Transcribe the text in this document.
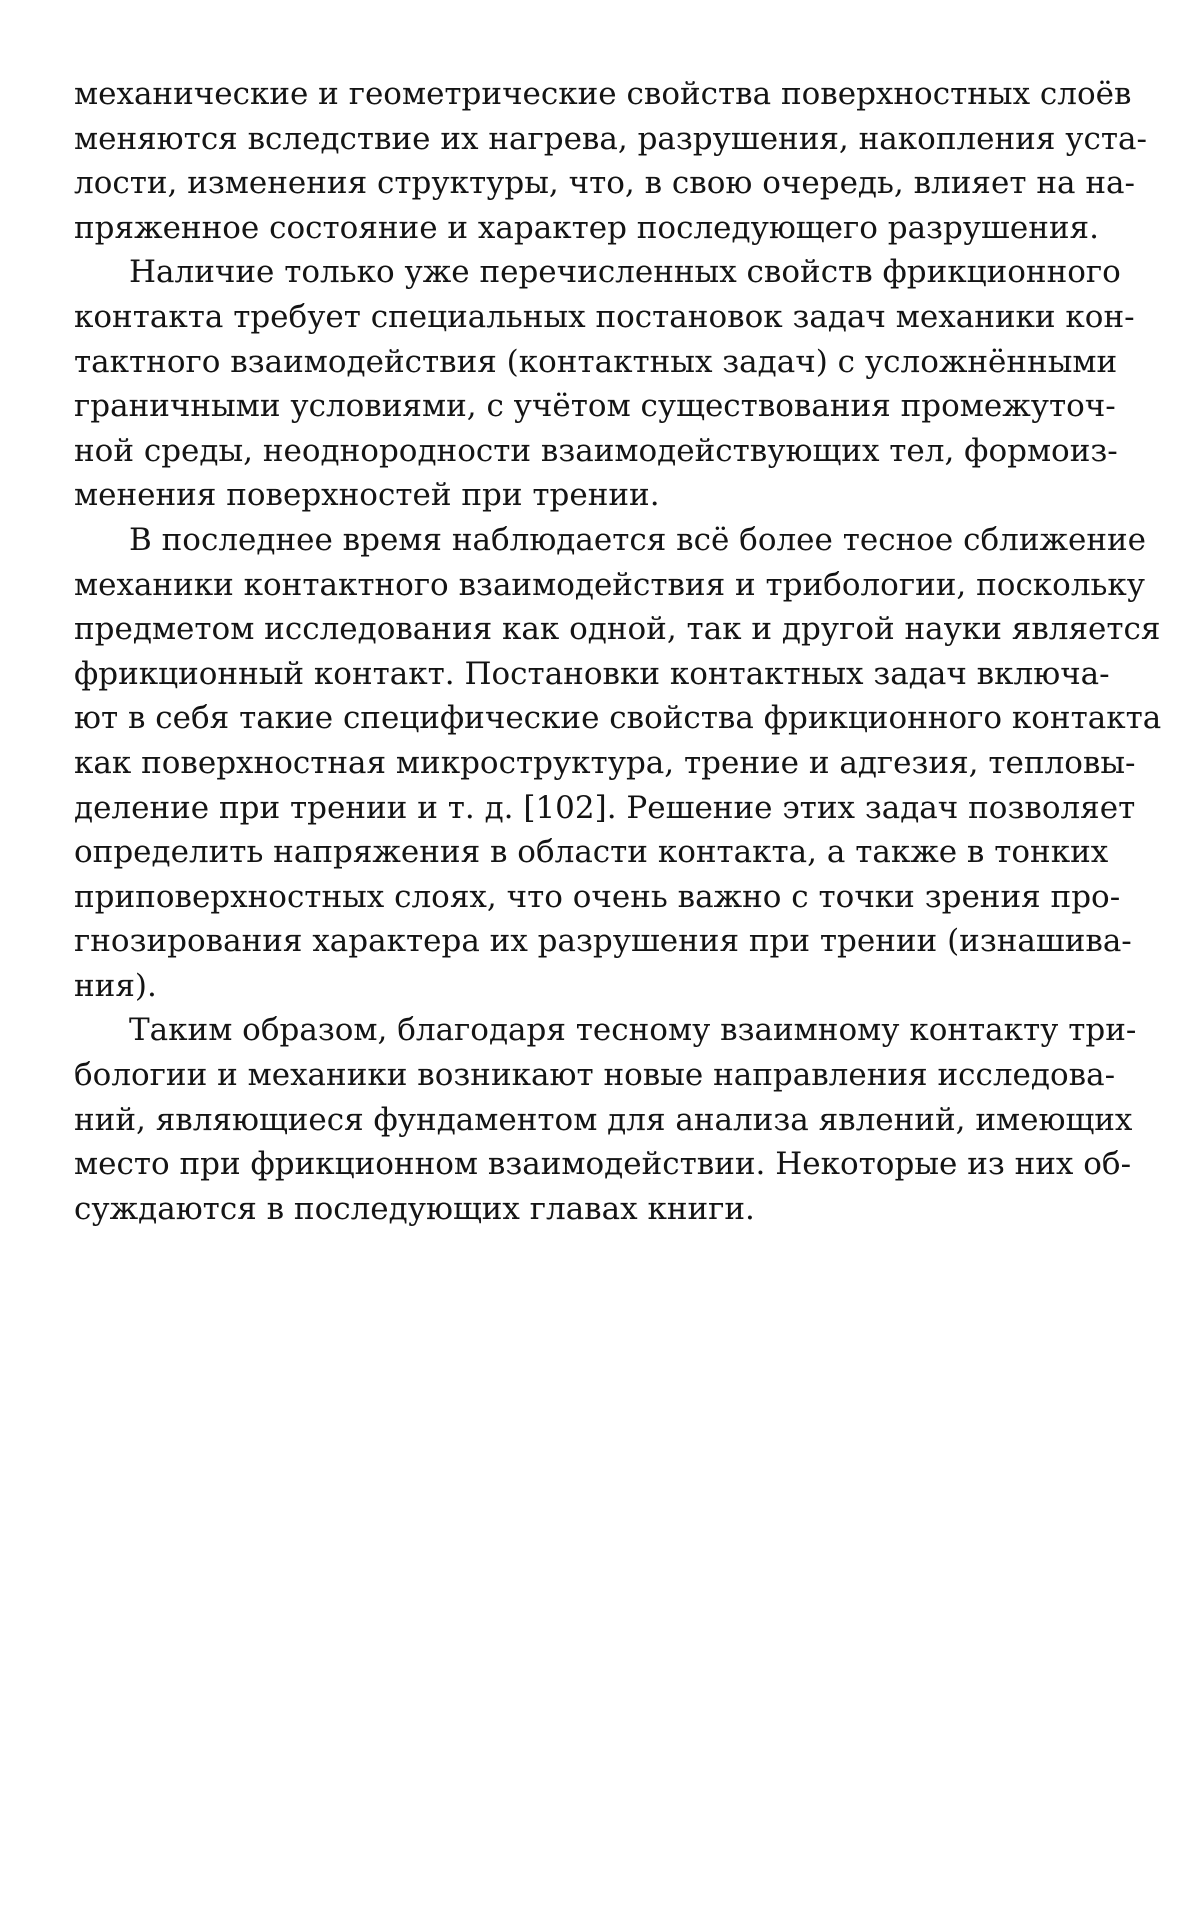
механические и геометрические свойства поверхностных слоёв
меняются вследствие их нагрева, разрушения, накопления уста-
лости, изменения структуры, что, в свою очередь, влияет на на-
пряженное состояние и характер последующего разрушения.
Наличие только уже перечисленных свойств фрикционного
контакта требует специальных постановок задач механики кон-
тактного взаимодействия (контактных задач) с усложнёнными
граничными условиями, с учётом существования промежуточ-
ной среды, неоднородности взаимодействующих тел, формоиз-
менения поверхностей при трении.
В последнее время наблюдается всё более тесное сближение
механики контактного взаимодействия и трибологии, поскольку
предметом исследования как одной, так и другой науки является
фрикционный контакт. Постановки контактных задач включа-
ют в себя такие специфические свойства фрикционного контакта
как поверхностная микроструктура, трение и адгезия, тепловы-
деление при трении и т. д. [102]. Решение этих задач позволяет
определить напряжения в области контакта, а также в тонких
приповерхностных слоях, что очень важно с точки зрения про-
гнозирования характера их разрушения при трении (изнашива-
ния).
Таким образом, благодаря тесному взаимному контакту три-
бологии и механики возникают новые направления исследова-
ний, являющиеся фундаментом для анализа явлений, имеющих
место при фрикционном взаимодействии. Некоторые из них об-
суждаются в последующих главах книги.
